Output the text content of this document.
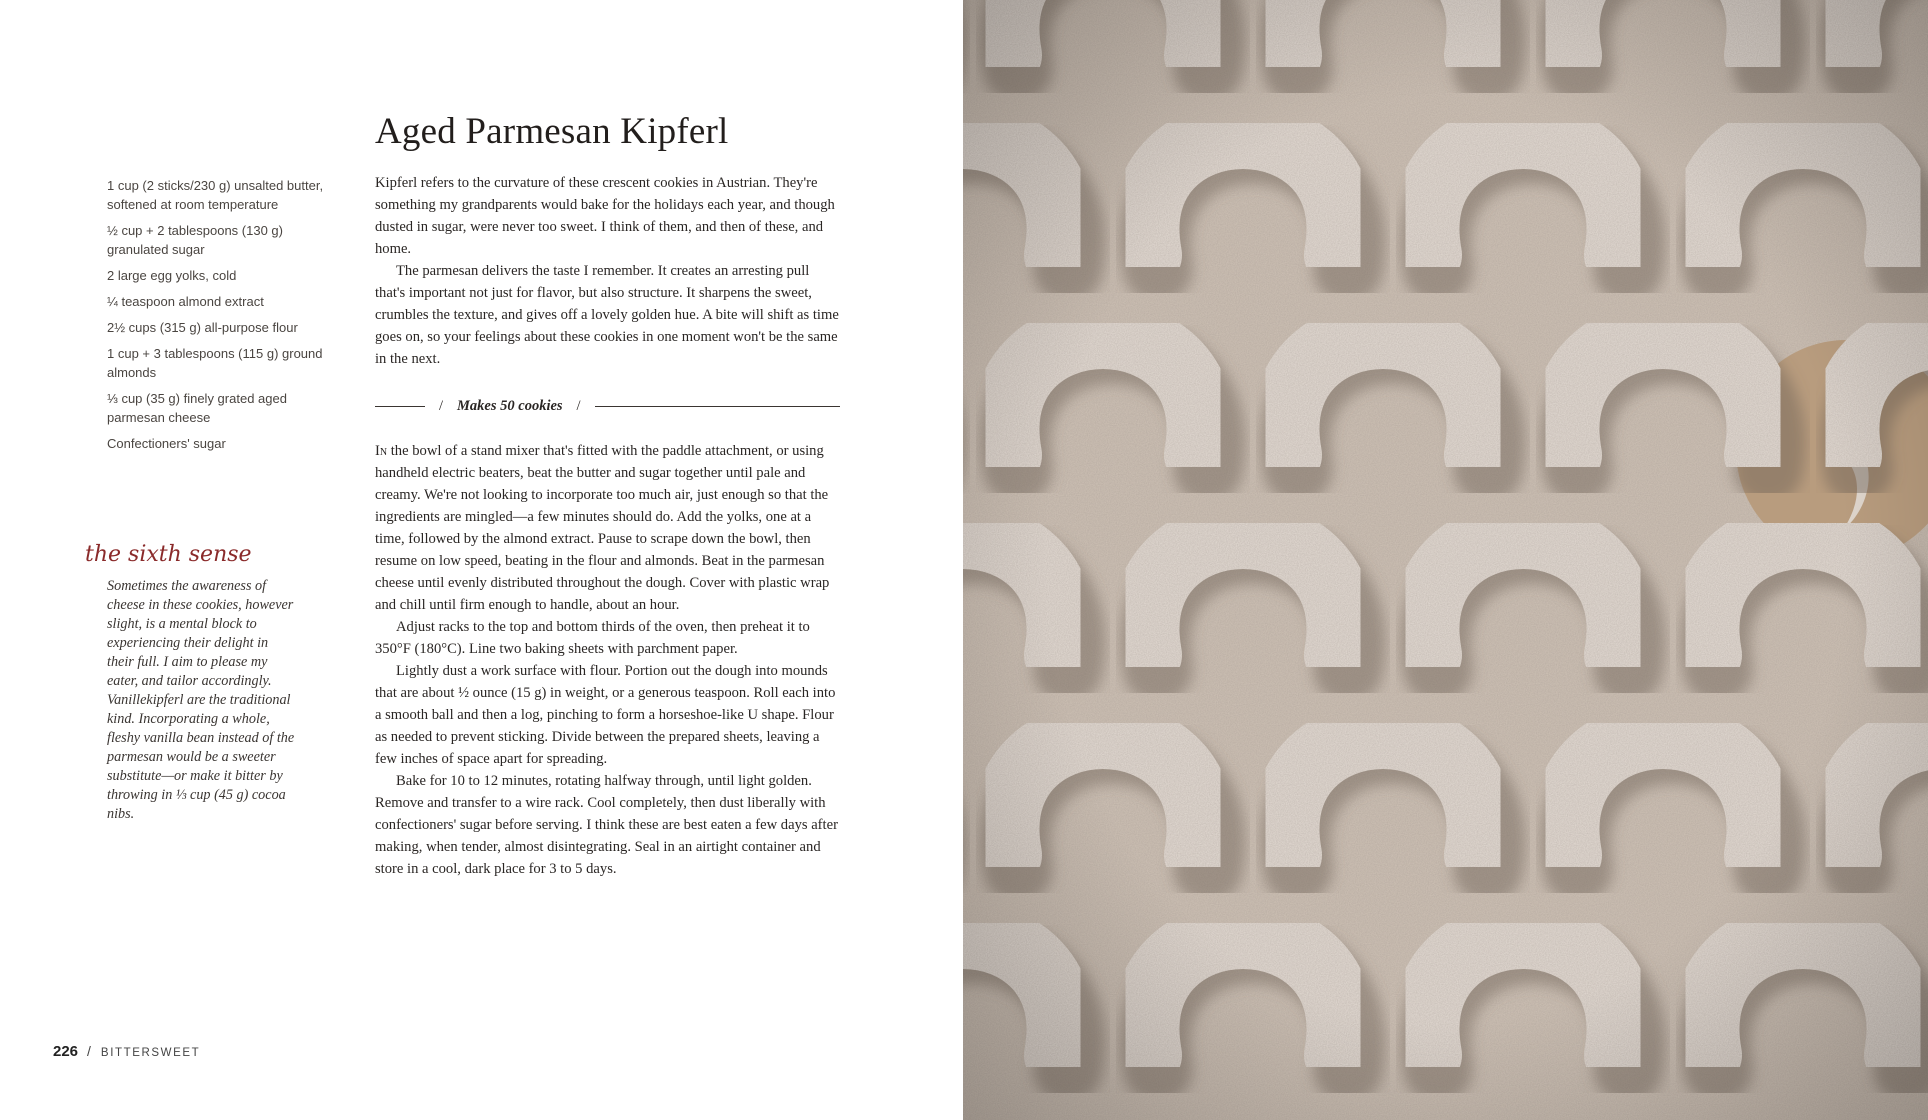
Aged Parmesan Kipferl
1 cup (2 sticks/230 g) unsalted butter, softened at room temperature
½ cup + 2 tablespoons (130 g) granulated sugar
2 large egg yolks, cold
¼ teaspoon almond extract
2½ cups (315 g) all-purpose flour
1 cup + 3 tablespoons (115 g) ground almonds
⅓ cup (35 g) finely grated aged parmesan cheese
Confectioners' sugar
the sixth sense

Sometimes the awareness of cheese in these cookies, however slight, is a mental block to experiencing their delight in their full. I aim to please my eater, and tailor accordingly. Vanillekipferl are the traditional kind. Incorporating a whole, fleshy vanilla bean instead of the parmesan would be a sweeter substitute—or make it bitter by throwing in ⅓ cup (45 g) cocoa nibs.

Kipferl refers to the curvature of these crescent cookies in Austrian. They're something my grandparents would bake for the holidays each year, and though dusted in sugar, were never too sweet. I think of them, and then of these, and home.

The parmesan delivers the taste I remember. It creates an arresting pull that's important not just for flavor, but also structure. It sharpens the sweet, crumbles the texture, and gives off a lovely golden hue. A bite will shift as time goes on, so your feelings about these cookies in one moment won't be the same in the next.

/ Makes 50 cookies /

In the bowl of a stand mixer that's fitted with the paddle attachment, or using handheld electric beaters, beat the butter and sugar together until pale and creamy. We're not looking to incorporate too much air, just enough so that the ingredients are mingled—a few minutes should do. Add the yolks, one at a time, followed by the almond extract. Pause to scrape down the bowl, then resume on low speed, beating in the flour and almonds. Beat in the parmesan cheese until evenly distributed throughout the dough. Cover with plastic wrap and chill until firm enough to handle, about an hour.

Adjust racks to the top and bottom thirds of the oven, then preheat it to 350°F (180°C). Line two baking sheets with parchment paper.

Lightly dust a work surface with flour. Portion out the dough into mounds that are about ½ ounce (15 g) in weight, or a generous teaspoon. Roll each into a smooth ball and then a log, pinching to form a horseshoe-like U shape. Flour as needed to prevent sticking. Divide between the prepared sheets, leaving a few inches of space apart for spreading.

Bake for 10 to 12 minutes, rotating halfway through, until light golden. Remove and transfer to a wire rack. Cool completely, then dust liberally with confectioners' sugar before serving. I think these are best eaten a few days after making, when tender, almost disintegrating. Seal in an airtight container and store in a cool, dark place for 3 to 5 days.

226 / BITTERSWEET
